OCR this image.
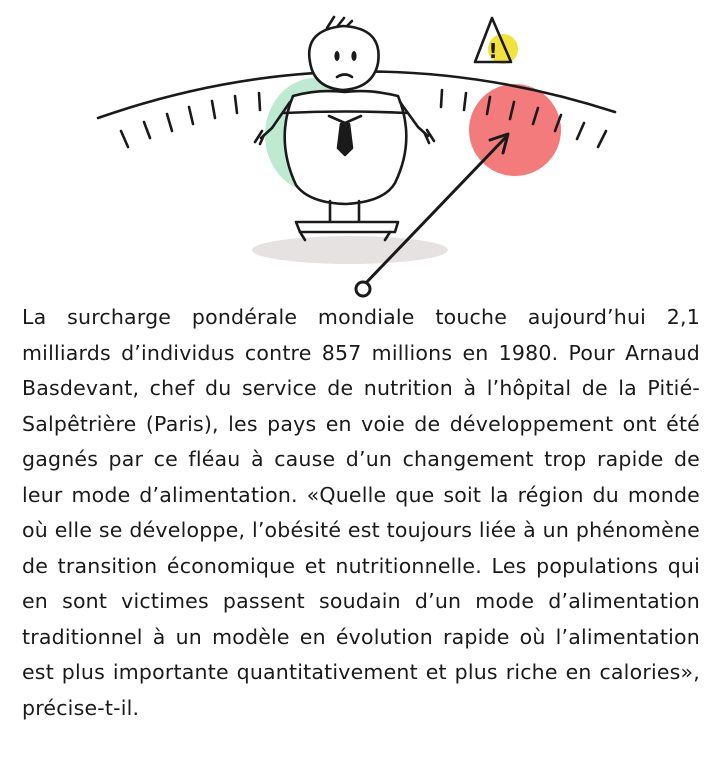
!

La surcharge pondérale mondiale touche aujourd’hui 2,1 milliards d’individus contre 857 millions en 1980. Pour Arnaud Basdevant, chef du service de nutrition à l’hôpital de la Pitié-Salpêtrière (Paris), les pays en voie de développement ont été gagnés par ce fléau à cause d’un changement trop rapide de leur mode d’alimentation. «Quelle que soit la région du monde où elle se développe, l’obésité est toujours liée à un phénomène de transition économique et nutritionnelle. Les populations qui en sont victimes passent soudain d’un mode d’alimentation traditionnel à un modèle en évolution rapide où l’alimentation est plus importante quantitativement et plus riche en calories», précise-t-il.
